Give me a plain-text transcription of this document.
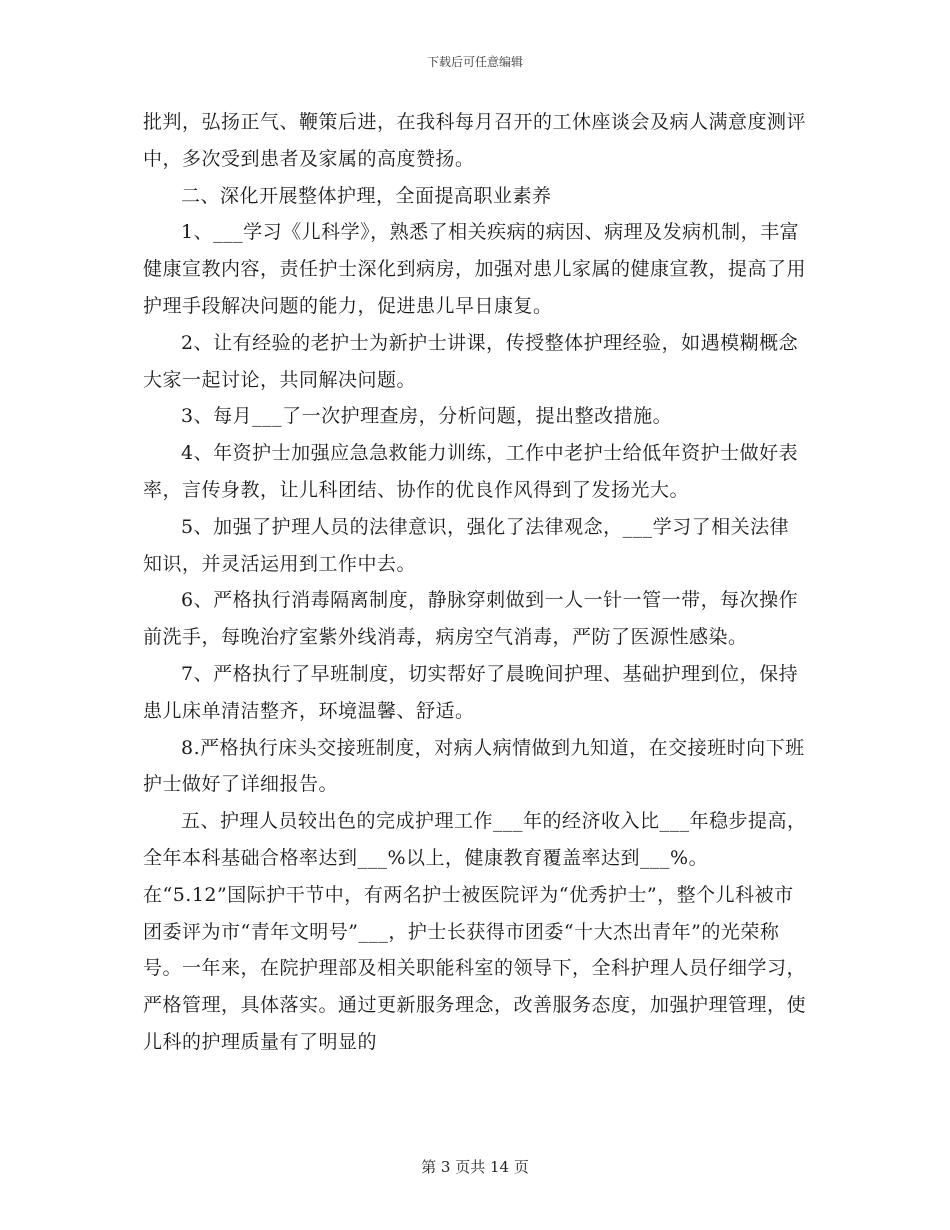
下载后可任意编辑

批判，弘扬正气、鞭策后进，在我科每月召开的工休座谈会及病人满意度测评中，多次受到患者及家属的高度赞扬。

二、深化开展整体护理，全面提高职业素养

1、___学习《儿科学》，熟悉了相关疾病的病因、病理及发病机制，丰富健康宣教内容，责任护士深化到病房，加强对患儿家属的健康宣教，提高了用护理手段解决问题的能力，促进患儿早日康复。

2、让有经验的老护士为新护士讲课，传授整体护理经验，如遇模糊概念大家一起讨论，共同解决问题。

3、每月___了一次护理查房，分析问题，提出整改措施。

4、年资护士加强应急急救能力训练，工作中老护士给低年资护士做好表率，言传身教，让儿科团结、协作的优良作风得到了发扬光大。

5、加强了护理人员的法律意识，强化了法律观念，___学习了相关法律知识，并灵活运用到工作中去。

6、严格执行消毒隔离制度，静脉穿刺做到一人一针一管一带，每次操作前洗手，每晚治疗室紫外线消毒，病房空气消毒，严防了医源性感染。

7、严格执行了早班制度，切实帮好了晨晚间护理、基础护理到位，保持患儿床单清洁整齐，环境温馨、舒适。

8.严格执行床头交接班制度，对病人病情做到九知道，在交接班时向下班护士做好了详细报告。

五、护理人员较出色的完成护理工作___年的经济收入比___年稳步提高，全年本科基础合格率达到___%以上，健康教育覆盖率达到___%。在“5.12”国际护干节中，有两名护士被医院评为“优秀护士”，整个儿科被市团委评为市“青年文明号”___，护士长获得市团委“十大杰出青年”的光荣称号。一年来，在院护理部及相关职能科室的领导下，全科护理人员仔细学习，严格管理，具体落实。通过更新服务理念，改善服务态度，加强护理管理，使儿科的护理质量有了明显的

第 3 页共 14 页
